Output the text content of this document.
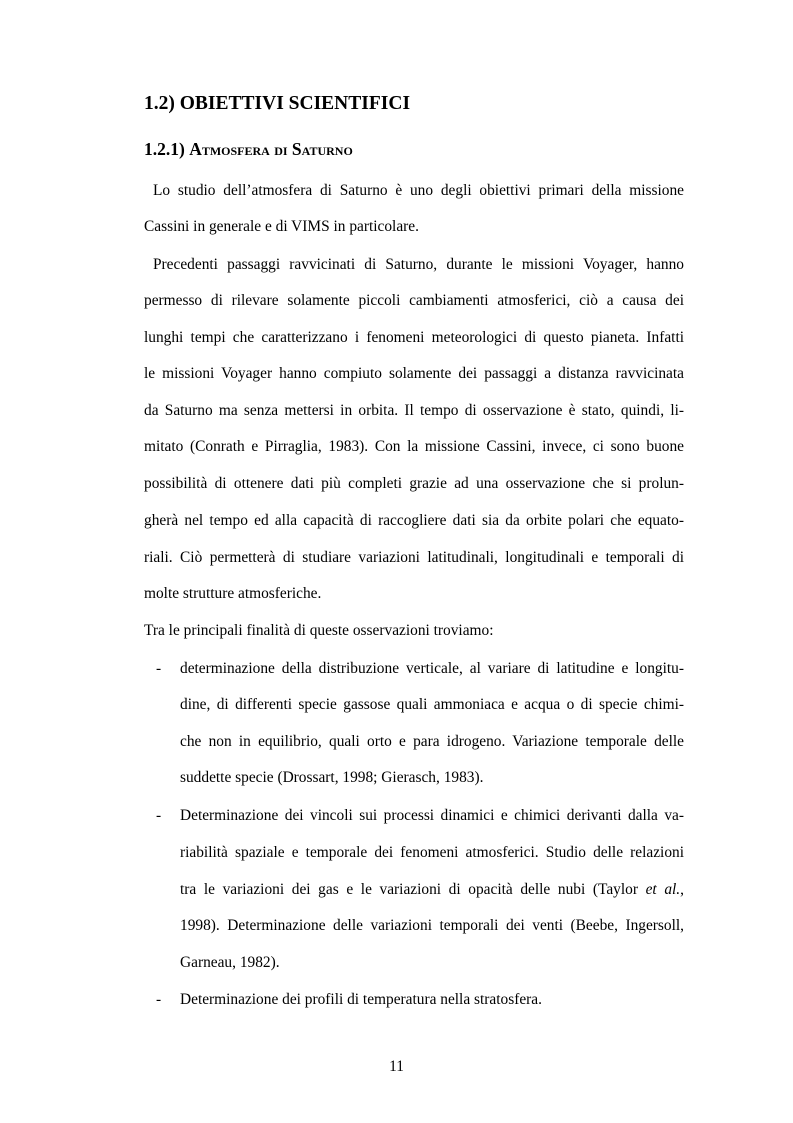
1.2) OBIETTIVI SCIENTIFICI
1.2.1) Atmosfera di Saturno
Lo studio dell’atmosfera di Saturno è uno degli obiettivi primari della missione
Cassini in generale e di VIMS in particolare.
Precedenti passaggi ravvicinati di Saturno, durante le missioni Voyager, hanno
permesso di rilevare solamente piccoli cambiamenti atmosferici, ciò a causa dei
lunghi tempi che caratterizzano i fenomeni meteorologici di questo pianeta. Infatti
le missioni Voyager hanno compiuto solamente dei passaggi a distanza ravvicinata
da Saturno ma senza mettersi in orbita. Il tempo di osservazione è stato, quindi, li-
mitato (Conrath e Pirraglia, 1983). Con la missione Cassini, invece, ci sono buone
possibilità di ottenere dati più completi grazie ad una osservazione che si prolun-
gherà nel tempo ed alla capacità di raccogliere dati sia da orbite polari che equato-
riali. Ciò permetterà di studiare variazioni latitudinali, longitudinali e temporali di
molte strutture atmosferiche.
Tra le principali finalità di queste osservazioni troviamo:
- determinazione della distribuzione verticale, al variare di latitudine e longitu-
dine, di differenti specie gassose quali ammoniaca e acqua o di specie chimi-
che non in equilibrio, quali orto e para idrogeno. Variazione temporale delle
suddette specie (Drossart, 1998; Gierasch, 1983).
- Determinazione dei vincoli sui processi dinamici e chimici derivanti dalla va-
riabilità spaziale e temporale dei fenomeni atmosferici. Studio delle relazioni
tra le variazioni dei gas e le variazioni di opacità delle nubi (Taylor et al.,
1998). Determinazione delle variazioni temporali dei venti (Beebe, Ingersoll,
Garneau, 1982).
- Determinazione dei profili di temperatura nella stratosfera.
11
